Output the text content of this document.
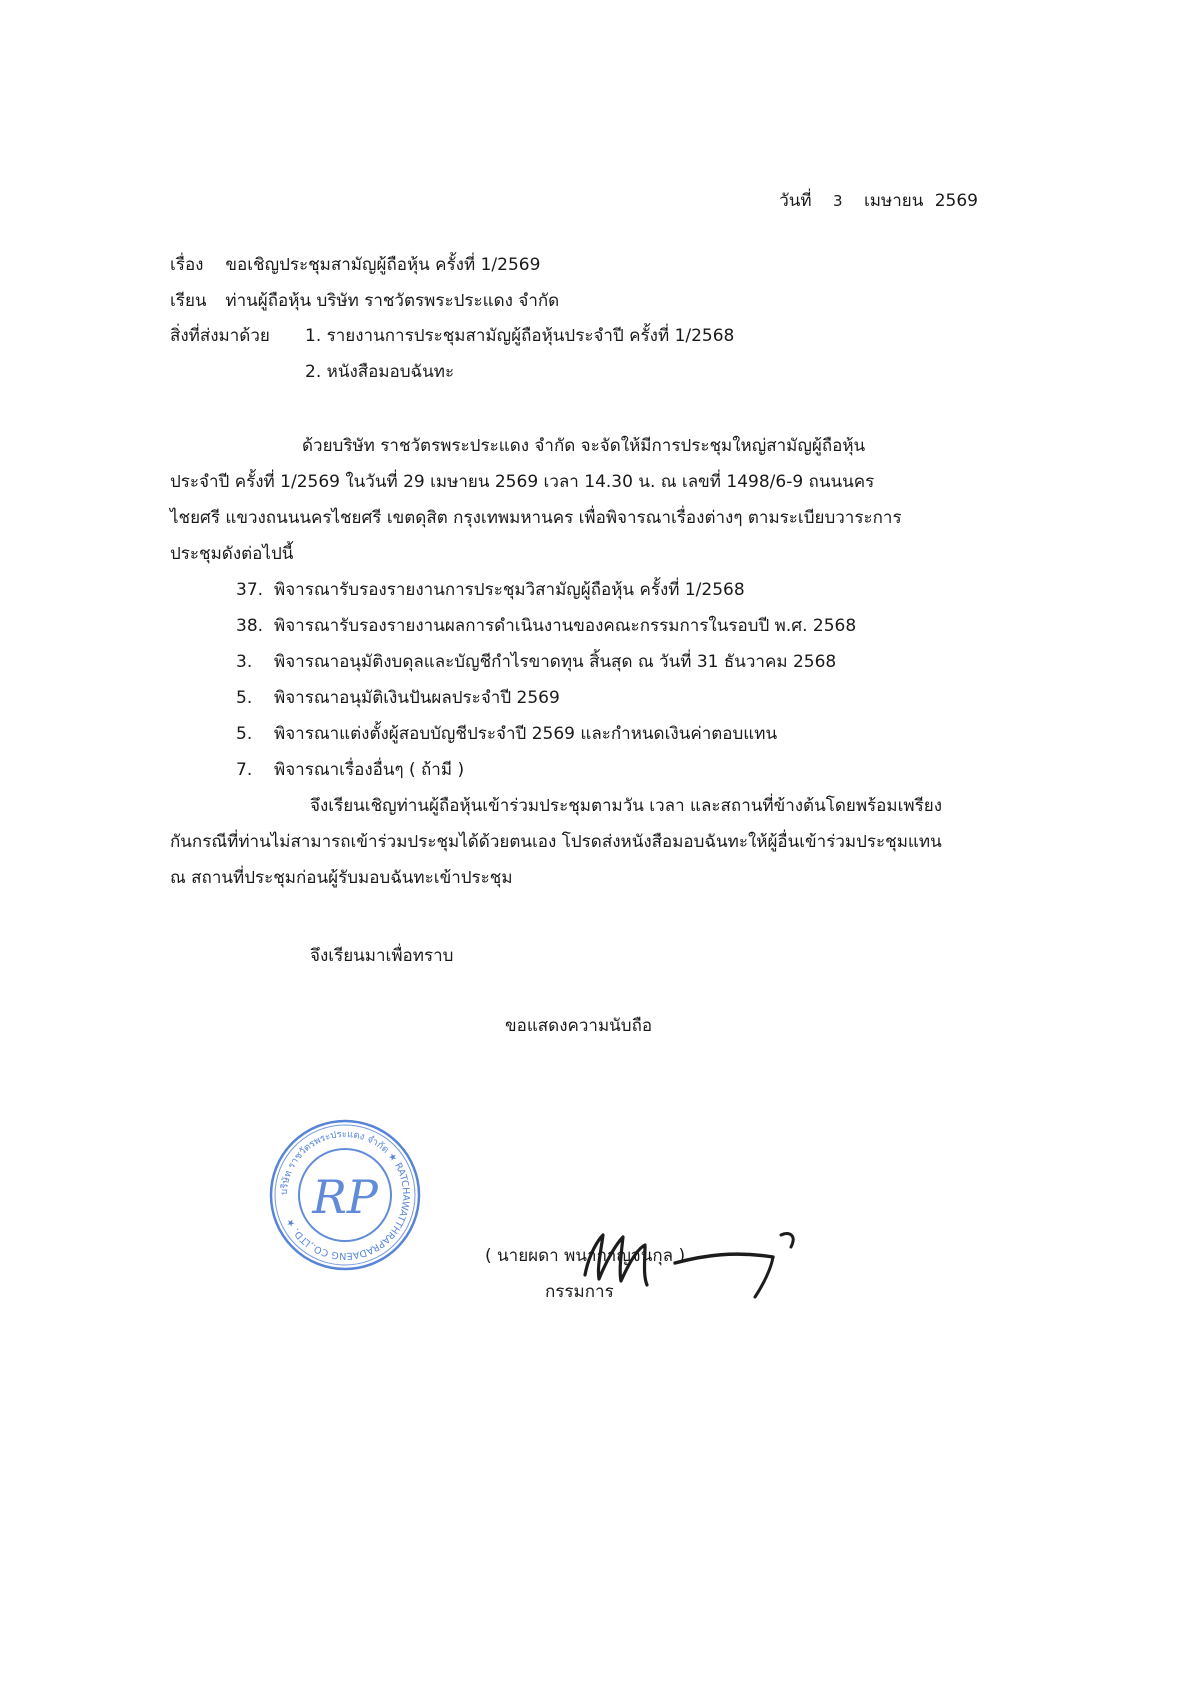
วันที่ 3 เมษายน 2569
เรื่อง ขอเชิญประชุมสามัญผู้ถือหุ้น ครั้งที่ 1/2569
เรียน ท่านผู้ถือหุ้น บริษัท ราชวัตรพระประแดง จำกัด
สิ่งที่ส่งมาด้วย 1. รายงานการประชุมสามัญผู้ถือหุ้นประจำปี ครั้งที่ 1/2568
2. หนังสือมอบฉันทะ
ด้วยบริษัท ราชวัตรพระประแดง จำกัด จะจัดให้มีการประชุมใหญ่สามัญผู้ถือหุ้น
ประจำปี ครั้งที่ 1/2569 ในวันที่ 29 เมษายน 2569 เวลา 14.30 น. ณ เลขที่ 1498/6-9 ถนนนคร
ไชยศรี แขวงถนนนครไชยศรี เขตดุสิต กรุงเทพมหานคร เพื่อพิจารณาเรื่องต่างๆ ตามระเบียบวาระการ
ประชุมดังต่อไปนี้
37. พิจารณารับรองรายงานการประชุมวิสามัญผู้ถือหุ้น ครั้งที่ 1/2568
38. พิจารณารับรองรายงานผลการดำเนินงานของคณะกรรมการในรอบปี พ.ศ. 2568
3. พิจารณาอนุมัติงบดุลและบัญชีกำไรขาดทุน สิ้นสุด ณ วันที่ 31 ธันวาคม 2568
5. พิจารณาอนุมัติเงินปันผลประจำปี 2569
5. พิจารณาแต่งตั้งผู้สอบบัญชีประจำปี 2569 และกำหนดเงินค่าตอบแทน
7. พิจารณาเรื่องอื่นๆ ( ถ้ามี )
จึงเรียนเชิญท่านผู้ถือหุ้นเข้าร่วมประชุมตามวัน เวลา และสถานที่ข้างต้นโดยพร้อมเพรียง
กันกรณีที่ท่านไม่สามารถเข้าร่วมประชุมได้ด้วยตนเอง โปรดส่งหนังสือมอบฉันทะให้ผู้อื่นเข้าร่วมประชุมแทน
ณ สถานที่ประชุมก่อนผู้รับมอบฉันทะเข้าประชุม
จึงเรียนมาเพื่อทราบ
ขอแสดงความนับถือ
บริษัท ราชวัตรพระประแดง จำกัด ★ RATCHAWATTHRAPRADAENG CO.,LTD. ★ RP
( นายผดา พนากาญจนกุล )
กรรมการ
